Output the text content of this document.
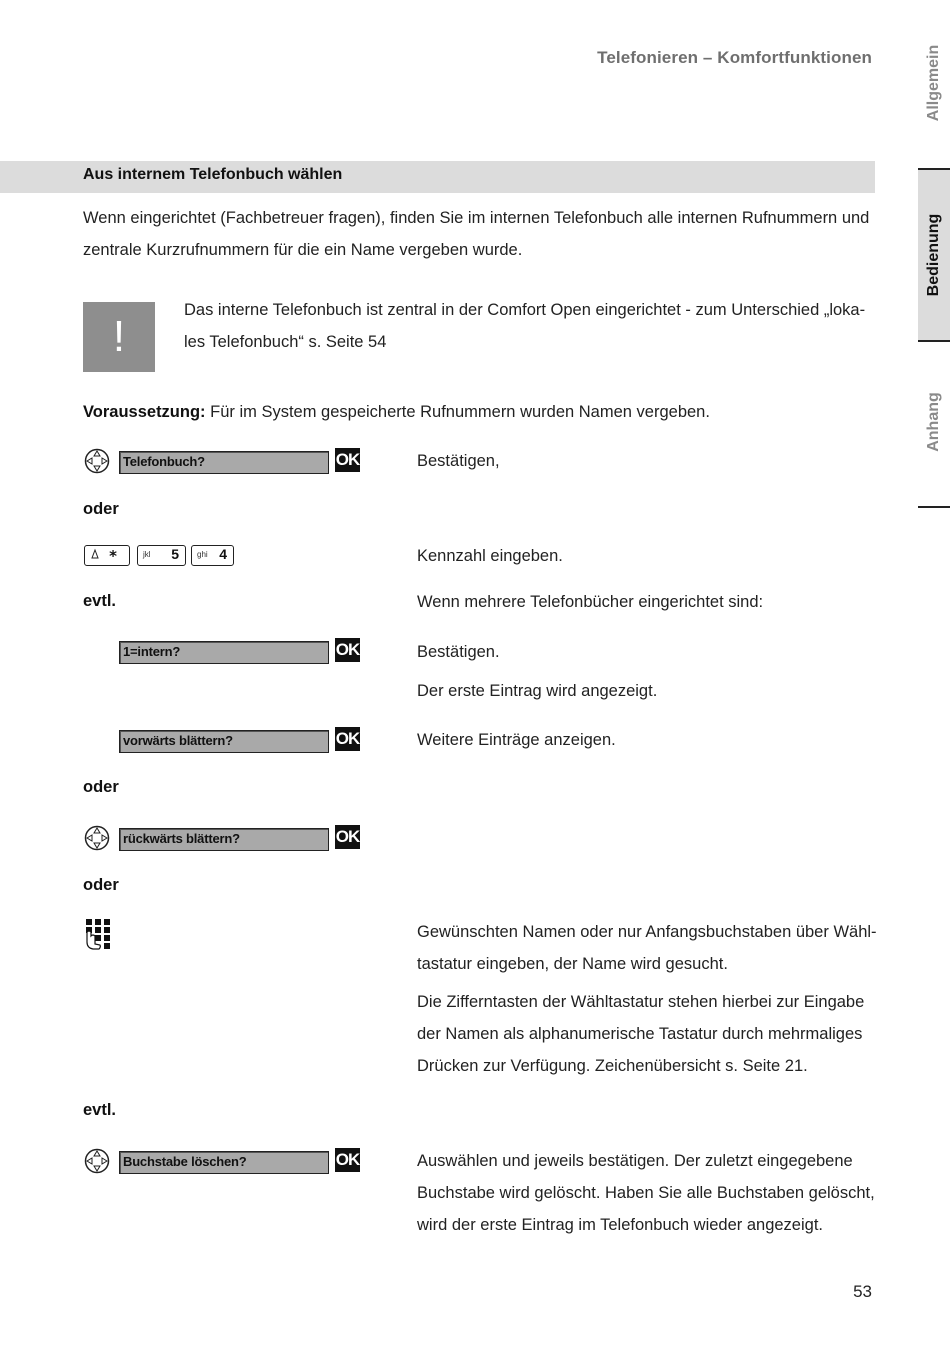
Telefonieren – Komfortfunktionen	Allgemein
Bedienung
Anhang
Aus internem Telefonbuch wählen
Wenn eingerichtet (Fachbetreuer fragen), finden Sie im internen Telefonbuch alle internen Rufnummern und zentrale Kurzrufnummern für die ein Name vergeben wurde.
!
Das interne Telefonbuch ist zentral in der Comfort Open eingerichtet - zum Unterschied „lokales Telefonbuch“ s. Seite 54
Voraussetzung: Für im System gespeicherte Rufnummern wurden Namen vergeben.
Telefonbuch?	OK	Bestätigen,
oder
*	jkl 5 ghi 4	Kennzahl eingeben.
evtl.	Wenn mehrere Telefonbücher eingerichtet sind:
1=intern?	OK	Bestätigen.
Der erste Eintrag wird angezeigt.
vorwärts blättern?	OK	Weitere Einträge anzeigen.
oder
rückwärts blättern?	OK
oder
Gewünschten Namen oder nur Anfangsbuchstaben über Wähltastatur eingeben, der Name wird gesucht.
Die Zifferntasten der Wähltastatur stehen hierbei zur Eingabe der Namen als alphanumerische Tastatur durch mehrmaliges Drücken zur Verfügung. Zeichenübersicht s. Seite 21.
evtl.
Buchstabe löschen?	OK	Auswählen und jeweils bestätigen. Der zuletzt eingegebene Buchstabe wird gelöscht. Haben Sie alle Buchstaben gelöscht, wird der erste Eintrag im Telefonbuch wieder angezeigt.
53
